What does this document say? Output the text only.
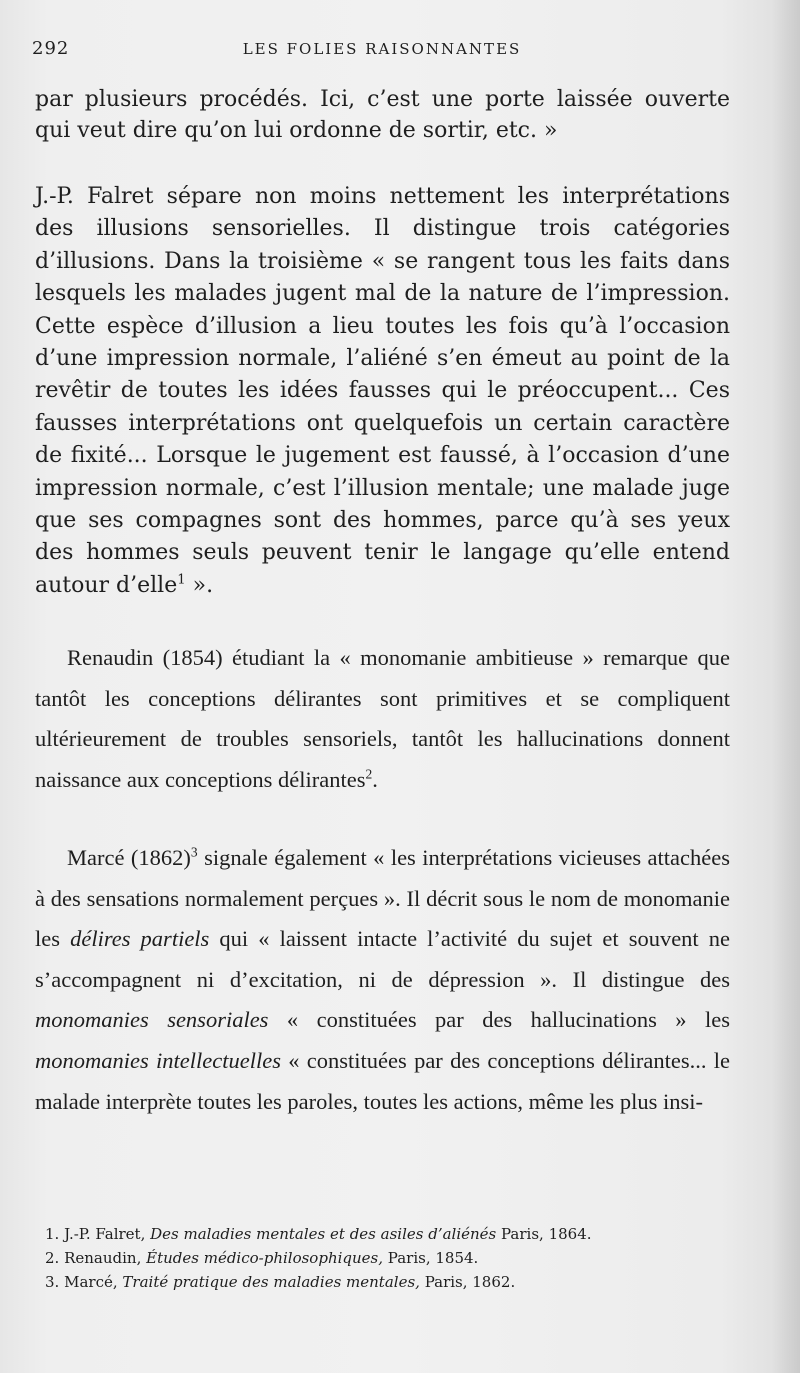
292	LES FOLIES RAISONNANTES

par plusieurs procédés. Ici, c’est une porte laissée ouverte qui veut dire qu’on lui ordonne de sortir, etc. »

J.-P. Falret sépare non moins nettement les interprétations des illusions sensorielles. Il distingue trois catégories d’illusions. Dans la troisième « se rangent tous les faits dans lesquels les malades jugent mal de la nature de l’impression. Cette espèce d’illusion a lieu toutes les fois qu’à l’occasion d’une impression normale, l’aliéné s’en émeut au point de la revêtir de toutes les idées fausses qui le préoccupent... Ces fausses interprétations ont quelquefois un certain caractère de fixité... Lorsque le jugement est faussé, à l’occasion d’une impression normale, c’est l’illusion mentale; une malade juge que ses compagnes sont des hommes, parce qu’à ses yeux des hommes seuls peuvent tenir le langage qu’elle entend autour d’elle$^1$ ».

Renaudin (1854) étudiant la « monomanie ambitieuse » remarque que tantôt les conceptions délirantes sont primitives et se compliquent ultérieurement de troubles sensoriels, tantôt les hallucinations donnent naissance aux conceptions délirantes$^2$.

Marcé $(1862)^3$ signale également « les interprétations vicieuses attachées à des sensations normalement perçues ». Il décrit sous le nom de monomanie les délires partiels qui « laissent intacte l’activité du sujet et souvent ne s’accompagnent ni d’excitation, ni de dépression ». Il distingue des monomanies sensoriales « constituées par des hallucinations » les monomanies intellectuelles « constituées par des conceptions délirantes... le malade interprète toutes les paroles, toutes les actions, même les plus insi-

1. J.-P. Falret, Des maladies mentales et des asiles d’aliénés Paris, 1864.
2. Renaudin, Études médico-philosophiques, Paris, 1854.
3. Marcé, Traité pratique des maladies mentales, Paris, 1862.
